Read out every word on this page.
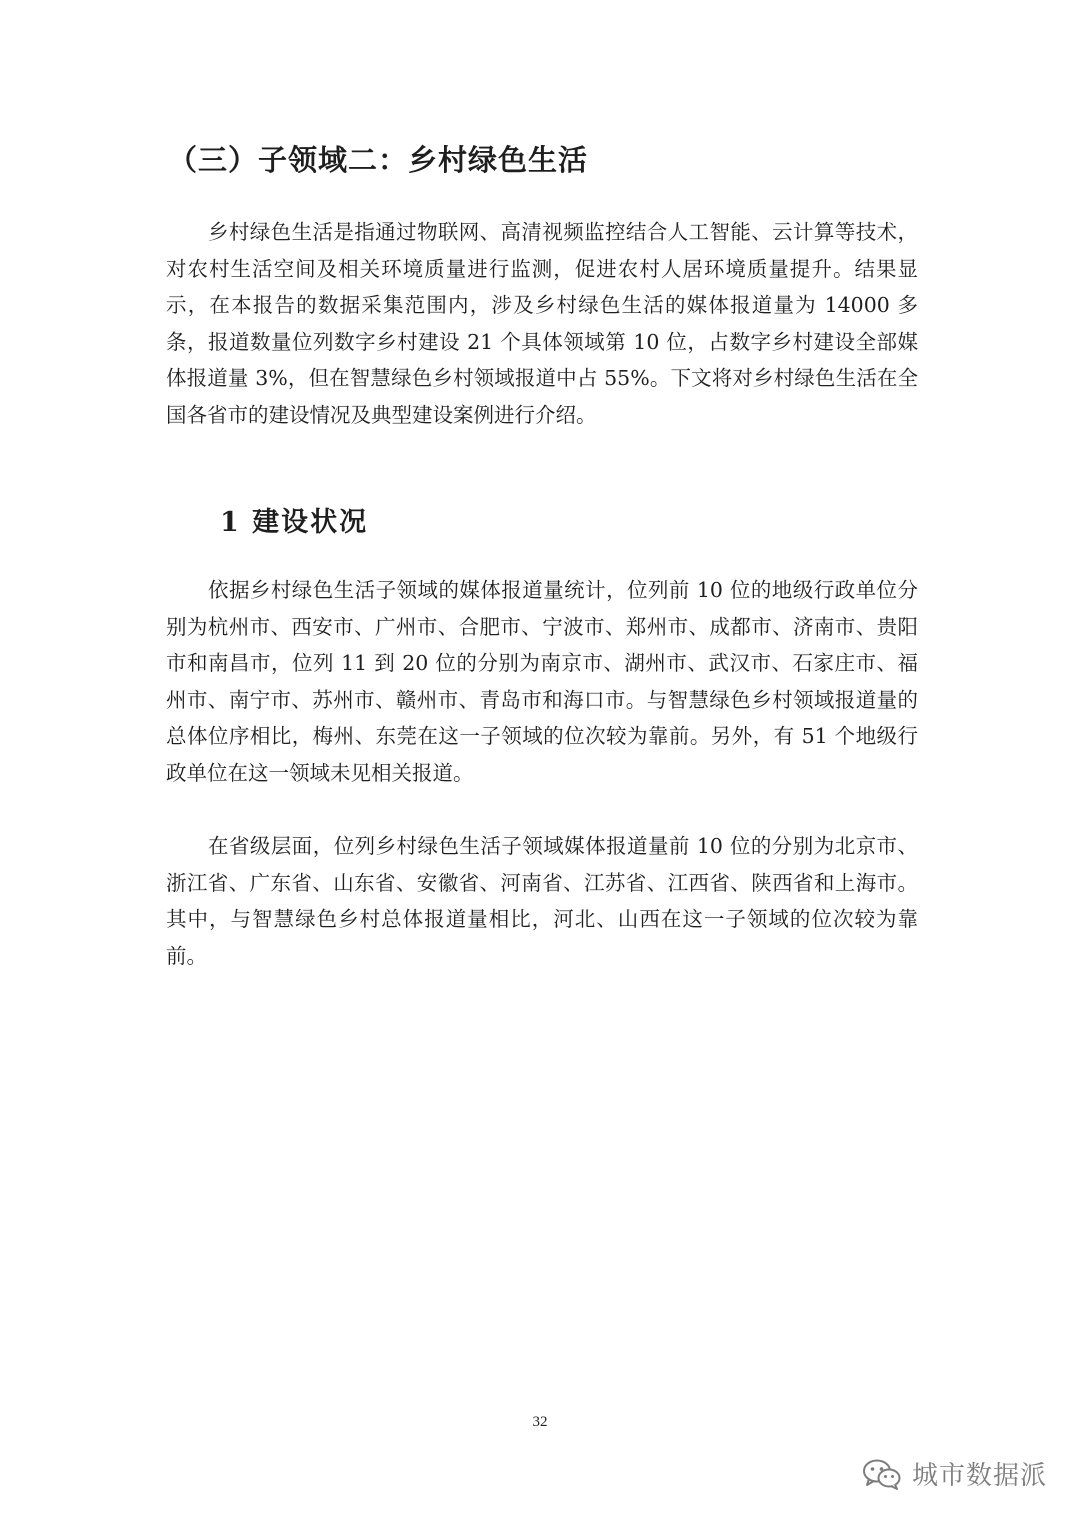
（三）子领域二：乡村绿色生活

乡村绿色生活是指通过物联网、高清视频监控结合人工智能、云计算等技术，对农村生活空间及相关环境质量进行监测，促进农村人居环境质量提升。结果显示，在本报告的数据采集范围内，涉及乡村绿色生活的媒体报道量为 14000 多条，报道数量位列数字乡村建设 21 个具体领域第 10 位，占数字乡村建设全部媒体报道量 3%，但在智慧绿色乡村领域报道中占 55%。下文将对乡村绿色生活在全国各省市的建设情况及典型建设案例进行介绍。

1 建设状况

依据乡村绿色生活子领域的媒体报道量统计，位列前 10 位的地级行政单位分别为杭州市、西安市、广州市、合肥市、宁波市、郑州市、成都市、济南市、贵阳市和南昌市，位列 11 到 20 位的分别为南京市、湖州市、武汉市、石家庄市、福州市、南宁市、苏州市、赣州市、青岛市和海口市。与智慧绿色乡村领域报道量的总体位序相比，梅州、东莞在这一子领域的位次较为靠前。另外，有 51 个地级行政单位在这一领域未见相关报道。

在省级层面，位列乡村绿色生活子领域媒体报道量前 10 位的分别为北京市、浙江省、广东省、山东省、安徽省、河南省、江苏省、江西省、陕西省和上海市。其中，与智慧绿色乡村总体报道量相比，河北、山西在这一子领域的位次较为靠前。

32
城市数据派
